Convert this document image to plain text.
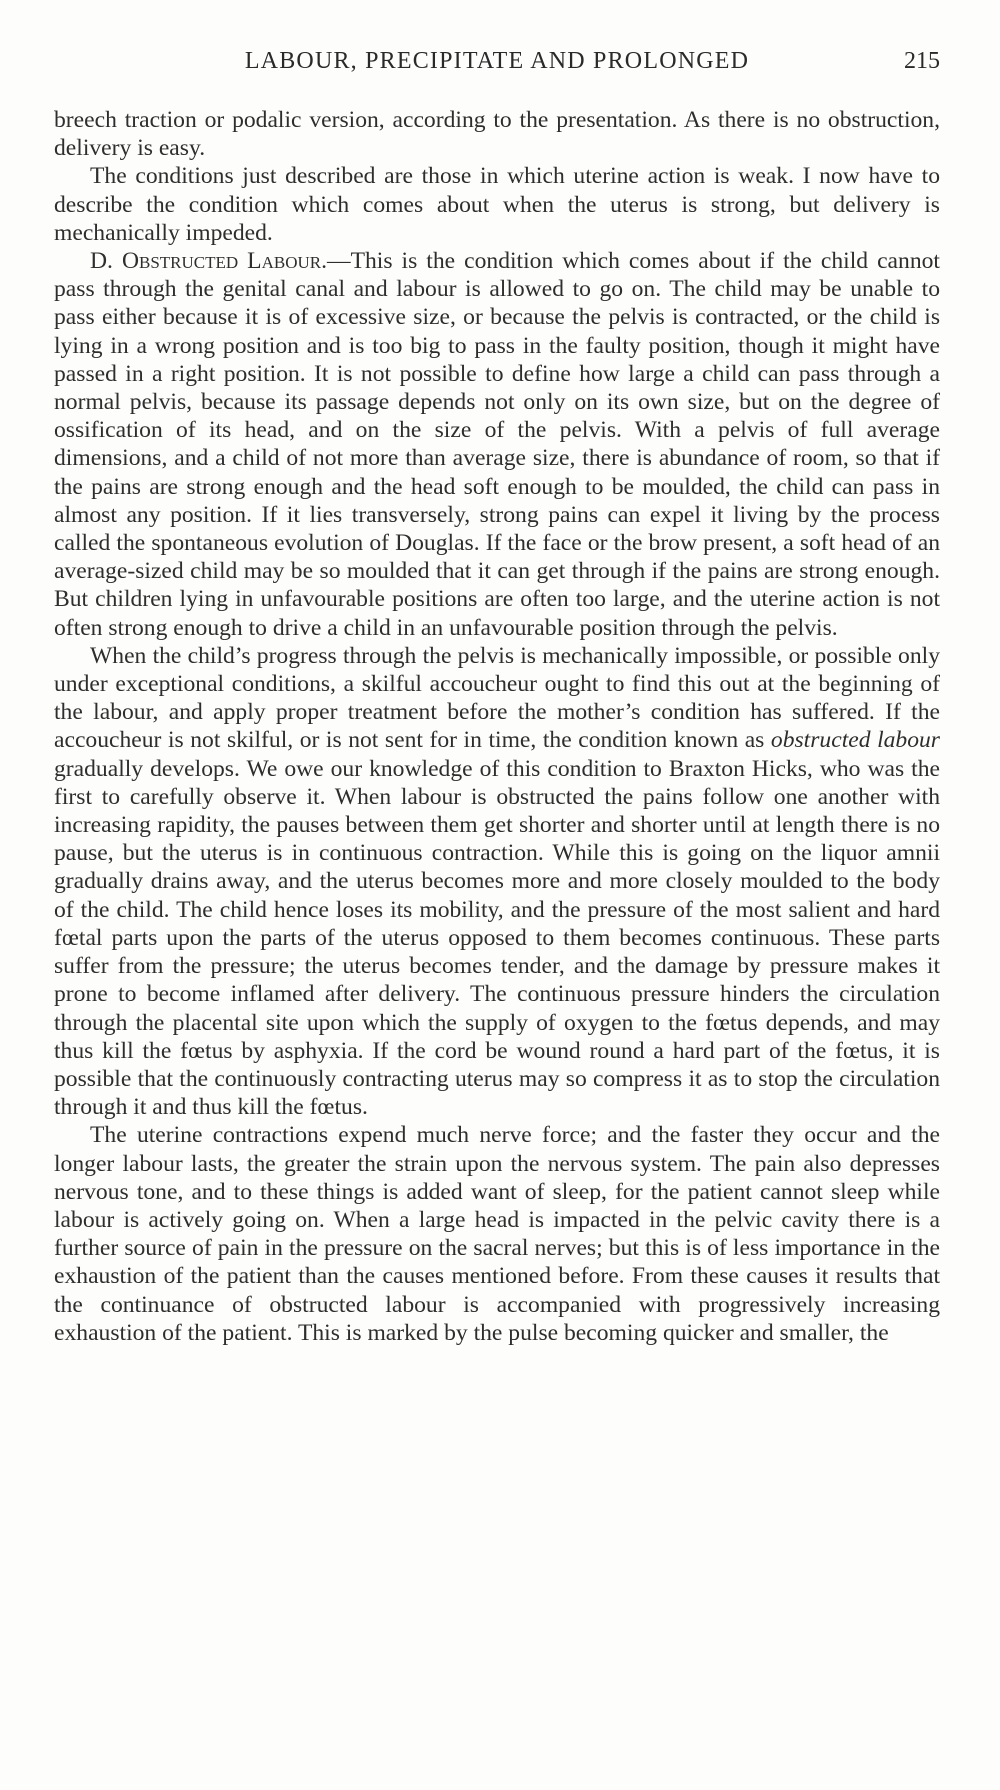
LABOUR, PRECIPITATE AND PROLONGED	215

breech traction or podalic version, according to the presentation. As there is no obstruction, delivery is easy.

The conditions just described are those in which uterine action is weak. I now have to describe the condition which comes about when the uterus is strong, but delivery is mechanically impeded.

D. Obstructed Labour.—This is the condition which comes about if the child cannot pass through the genital canal and labour is allowed to go on. The child may be unable to pass either because it is of excessive size, or because the pelvis is contracted, or the child is lying in a wrong position and is too big to pass in the faulty position, though it might have passed in a right position. It is not possible to define how large a child can pass through a normal pelvis, because its passage depends not only on its own size, but on the degree of ossification of its head, and on the size of the pelvis. With a pelvis of full average dimensions, and a child of not more than average size, there is abundance of room, so that if the pains are strong enough and the head soft enough to be moulded, the child can pass in almost any position. If it lies transversely, strong pains can expel it living by the process called the spontaneous evolution of Douglas. If the face or the brow present, a soft head of an average-sized child may be so moulded that it can get through if the pains are strong enough. But children lying in unfavourable positions are often too large, and the uterine action is not often strong enough to drive a child in an unfavourable position through the pelvis.

When the child’s progress through the pelvis is mechanically impossible, or possible only under exceptional conditions, a skilful accoucheur ought to find this out at the beginning of the labour, and apply proper treatment before the mother’s condition has suffered. If the accoucheur is not skilful, or is not sent for in time, the condition known as obstructed labour gradually develops. We owe our knowledge of this condition to Braxton Hicks, who was the first to carefully observe it. When labour is obstructed the pains follow one another with increasing rapidity, the pauses between them get shorter and shorter until at length there is no pause, but the uterus is in continuous contraction. While this is going on the liquor amnii gradually drains away, and the uterus becomes more and more closely moulded to the body of the child. The child hence loses its mobility, and the pressure of the most salient and hard fœtal parts upon the parts of the uterus opposed to them becomes continuous. These parts suffer from the pressure; the uterus becomes tender, and the damage by pressure makes it prone to become inflamed after delivery. The continuous pressure hinders the circulation through the placental site upon which the supply of oxygen to the fœtus depends, and may thus kill the fœtus by asphyxia. If the cord be wound round a hard part of the fœtus, it is possible that the continuously contracting uterus may so compress it as to stop the circulation through it and thus kill the fœtus.

The uterine contractions expend much nerve force; and the faster they occur and the longer labour lasts, the greater the strain upon the nervous system. The pain also depresses nervous tone, and to these things is added want of sleep, for the patient cannot sleep while labour is actively going on. When a large head is impacted in the pelvic cavity there is a further source of pain in the pressure on the sacral nerves; but this is of less importance in the exhaustion of the patient than the causes mentioned before. From these causes it results that the continuance of obstructed labour is accompanied with progressively increasing exhaustion of the patient. This is marked by the pulse becoming quicker and smaller, the
